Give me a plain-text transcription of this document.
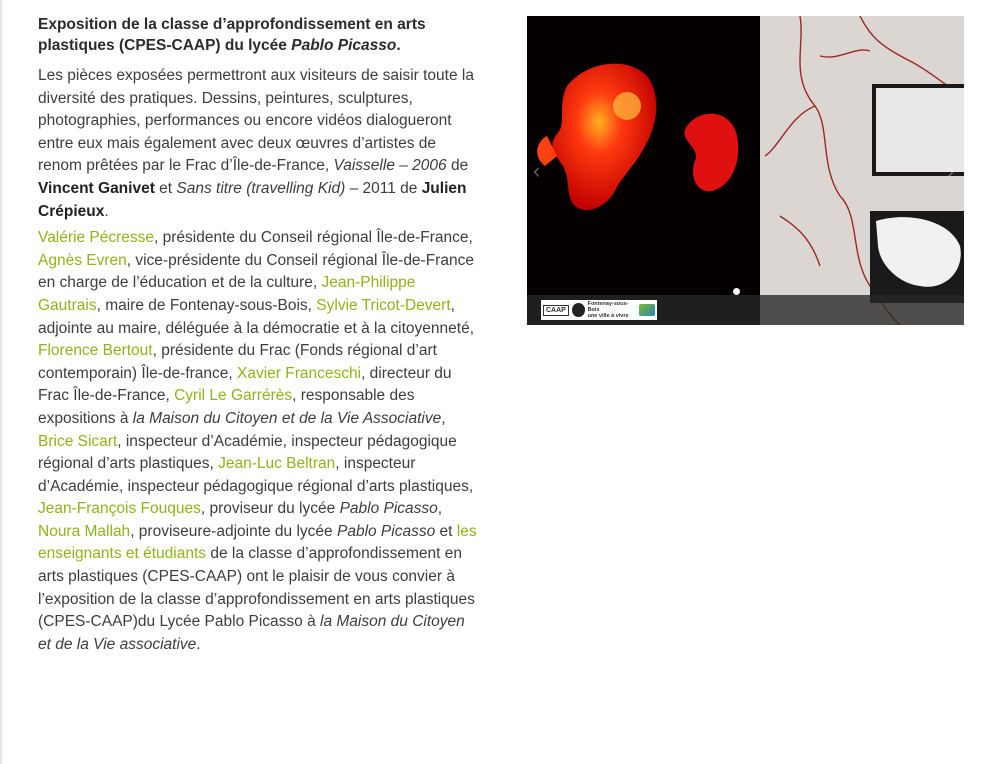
Exposition de la classe d’approfondissement en arts plastiques (CPES-CAAP) du lycée Pablo Picasso.

Les pièces exposées permettront aux visiteurs de saisir toute la diversité des pratiques. Dessins, peintures, sculptures, photographies, performances ou encore vidéos dialogueront entre eux mais également avec deux œuvres d’artistes de renom prêtées par le Frac d’Île-de-France, Vaisselle – 2006 de Vincent Ganivet et Sans titre (travelling Kid) – 2011 de Julien Crépieux.

Valérie Pécresse, présidente du Conseil régional Île-de-France, Agnès Evren, vice-présidente du Conseil régional Île-de-France en charge de l’éducation et de la culture, Jean-Philippe Gautrais, maire de Fontenay-sous-Bois, Sylvie Tricot-Devert, adjointe au maire, déléguée à la démocratie et à la citoyenneté, Florence Bertout, présidente du Frac (Fonds régional d’art contemporain) Île-de-france, Xavier Franceschi, directeur du Frac Île-de-France, Cyril Le Garrérès, responsable des expositions à la Maison du Citoyen et de la Vie Associative, Brice Sicart, inspecteur d’Académie, inspecteur pédagogique régional d’arts plastiques, Jean-Luc Beltran, inspecteur d’Académie, inspecteur pédagogique régional d’arts plastiques, Jean-François Fouques, proviseur du lycée Pablo Picasso, Noura Mallah, proviseure-adjointe du lycée Pablo Picasso et les enseignants et étudiants de la classe d’approfondissement en arts plastiques (CPES-CAAP) ont le plaisir de vous convier à l’exposition de la classe d’approfondissement en arts plastiques (CPES-CAAP)du Lycée Pablo Picasso à la Maison du Citoyen et de la Vie associative.

‹	›
CAAP
Fontenay-sous-Bois
une ville à vivre
